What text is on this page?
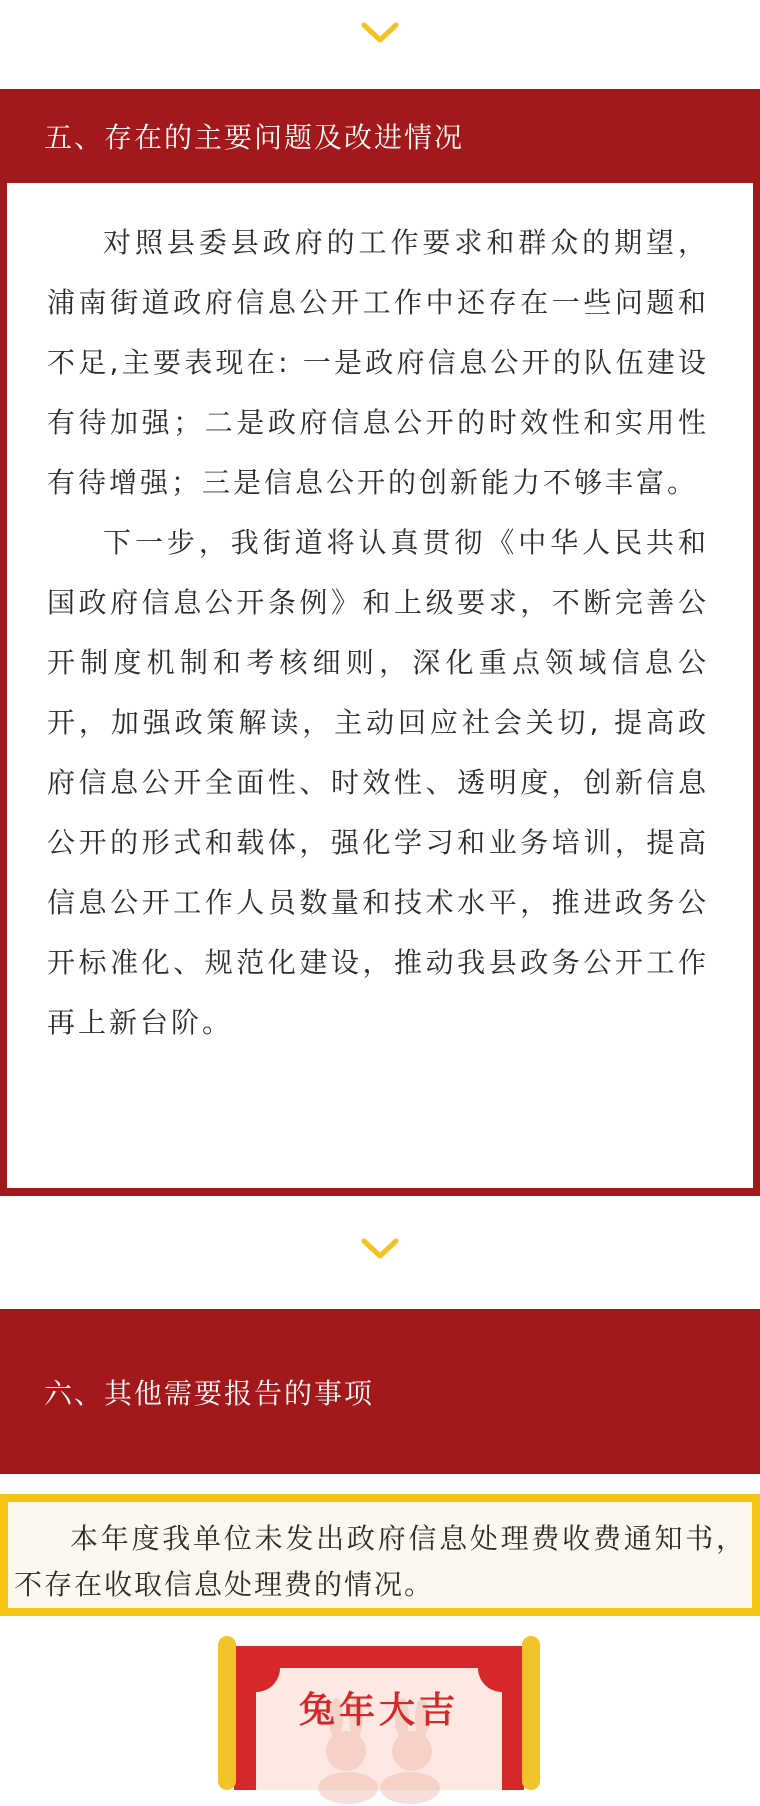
五、存在的主要问题及改进情况

对照县委县政府的工作要求和群众的期望，浦南街道政府信息公开工作中还存在一些问题和不足,主要表现在: 一是政府信息公开的队伍建设有待加强；二是政府信息公开的时效性和实用性有待增强；三是信息公开的创新能力不够丰富。

下一步，我街道将认真贯彻《中华人民共和国政府信息公开条例》和上级要求，不断完善公开制度机制和考核细则，深化重点领域信息公开，加强政策解读，主动回应社会关切, 提高政府信息公开全面性、时效性、透明度，创新信息公开的形式和载体，强化学习和业务培训，提高信息公开工作人员数量和技术水平，推进政务公开标准化、规范化建设，推动我县政务公开工作再上新台阶。

六、其他需要报告的事项

本年度我单位未发出政府信息处理费收费通知书，不存在收取信息处理费的情况。

兔年大吉
